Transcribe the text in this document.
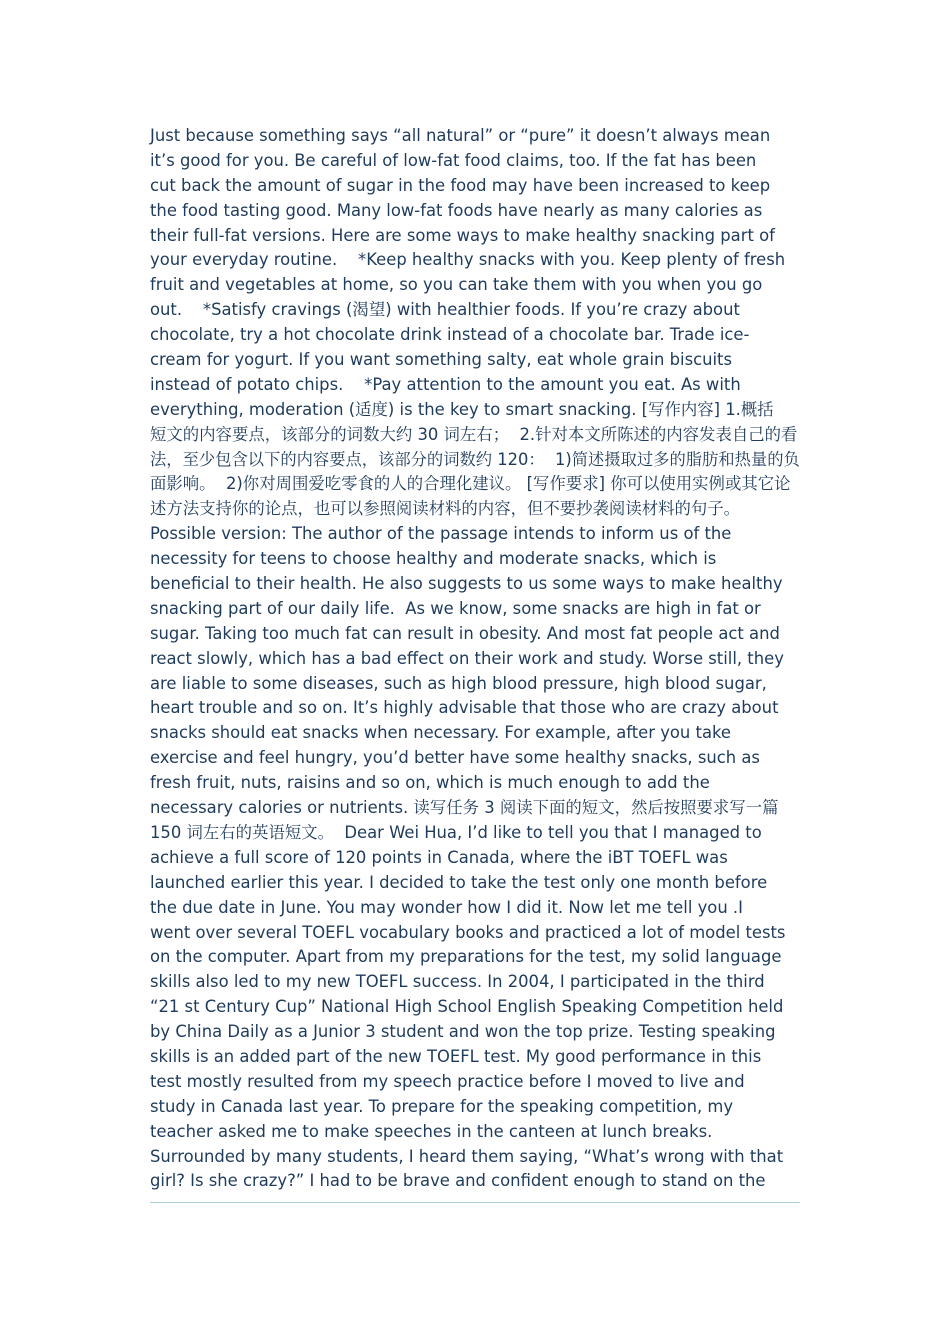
Just because something says “all natural” or “pure” it doesn’t always mean
it’s good for you. Be careful of low-fat food claims, too. If the fat has been
cut back the amount of sugar in the food may have been increased to keep
the food tasting good. Many low-fat foods have nearly as many calories as
their full-fat versions. Here are some ways to make healthy snacking part of
your everyday routine.    *Keep healthy snacks with you. Keep plenty of fresh
fruit and vegetables at home, so you can take them with you when you go
out.    *Satisfy cravings (渴望) with healthier foods. If you’re crazy about
chocolate, try a hot chocolate drink instead of a chocolate bar. Trade ice-
cream for yogurt. If you want something salty, eat whole grain biscuits
instead of potato chips.    *Pay attention to the amount you eat. As with
everything, moderation (适度) is the key to smart snacking. [写作内容] 1.概括
短文的内容要点，该部分的词数大约 30 词左右；  2.针对本文所陈述的内容发表自己的看
法，至少包含以下的内容要点，该部分的词数约 120：  1)简述摄取过多的脂肪和热量的负
面影响。  2)你对周围爱吃零食的人的合理化建议。 [写作要求] 你可以使用实例或其它论
述方法支持你的论点，也可以参照阅读材料的内容，但不要抄袭阅读材料的句子。
Possible version: The author of the passage intends to inform us of the
necessity for teens to choose healthy and moderate snacks, which is
beneficial to their health. He also suggests to us some ways to make healthy
snacking part of our daily life.  As we know, some snacks are high in fat or
sugar. Taking too much fat can result in obesity. And most fat people act and
react slowly, which has a bad effect on their work and study. Worse still, they
are liable to some diseases, such as high blood pressure, high blood sugar,
heart trouble and so on. It’s highly advisable that those who are crazy about
snacks should eat snacks when necessary. For example, after you take
exercise and feel hungry, you’d better have some healthy snacks, such as
fresh fruit, nuts, raisins and so on, which is much enough to add the
necessary calories or nutrients. 读写任务 3 阅读下面的短文，然后按照要求写一篇
150 词左右的英语短文。  Dear Wei Hua, I’d like to tell you that I managed to
achieve a full score of 120 points in Canada, where the iBT TOEFL was
launched earlier this year. I decided to take the test only one month before
the due date in June. You may wonder how I did it. Now let me tell you .I
went over several TOEFL vocabulary books and practiced a lot of model tests
on the computer. Apart from my preparations for the test, my solid language
skills also led to my new TOEFL success. In 2004, I participated in the third
“21 st Century Cup” National High School English Speaking Competition held
by China Daily as a Junior 3 student and won the top prize. Testing speaking
skills is an added part of the new TOEFL test. My good performance in this
test mostly resulted from my speech practice before I moved to live and
study in Canada last year. To prepare for the speaking competition, my
teacher asked me to make speeches in the canteen at lunch breaks.
Surrounded by many students, I heard them saying, “What’s wrong with that
girl? Is she crazy?” I had to be brave and confident enough to stand on the
